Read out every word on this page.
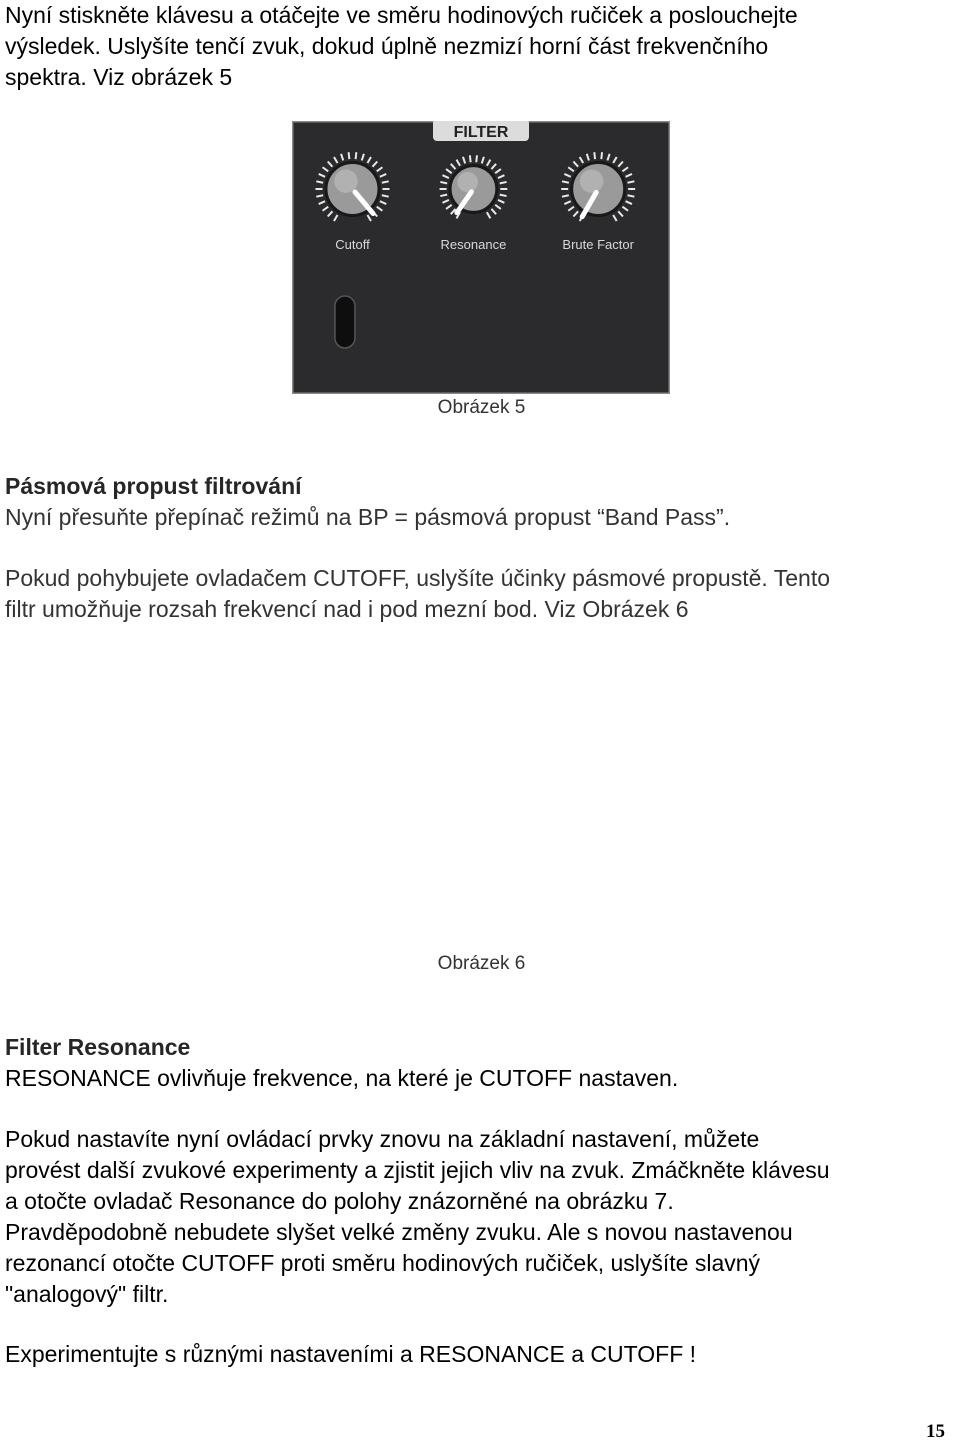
Nyní stiskněte klávesu a otáčejte ve směru hodinových ručiček a poslouchejte
výsledek. Uslyšíte tenčí zvuk, dokud úplně nezmizí horní část frekvenčního
spektra. Viz obrázek 5

FILTER
Cutoff	Resonance	Brute Factor

Obrázek 5

Pásmová propust filtrování

Nyní přesuňte přepínač režimů na BP = pásmová propust “Band Pass”.

Pokud pohybujete ovladačem CUTOFF, uslyšíte účinky pásmové propustě. Tento
filtr umožňuje rozsah frekvencí nad i pod mezní bod. Viz Obrázek 6

Obrázek 6

Filter Resonance

RESONANCE ovlivňuje frekvence, na které je CUTOFF nastaven.

Pokud nastavíte nyní ovládací prvky znovu na základní nastavení, můžete
provést další zvukové experimenty a zjistit jejich vliv na zvuk. Zmáčkněte klávesu
a otočte ovladač Resonance do polohy znázorněné na obrázku 7.
Pravděpodobně nebudete slyšet velké změny zvuku. Ale s novou nastavenou
rezonancí otočte CUTOFF proti směru hodinových ručiček, uslyšíte slavný
"analogový" filtr.

Experimentujte s různými nastaveními a RESONANCE a CUTOFF !

15
